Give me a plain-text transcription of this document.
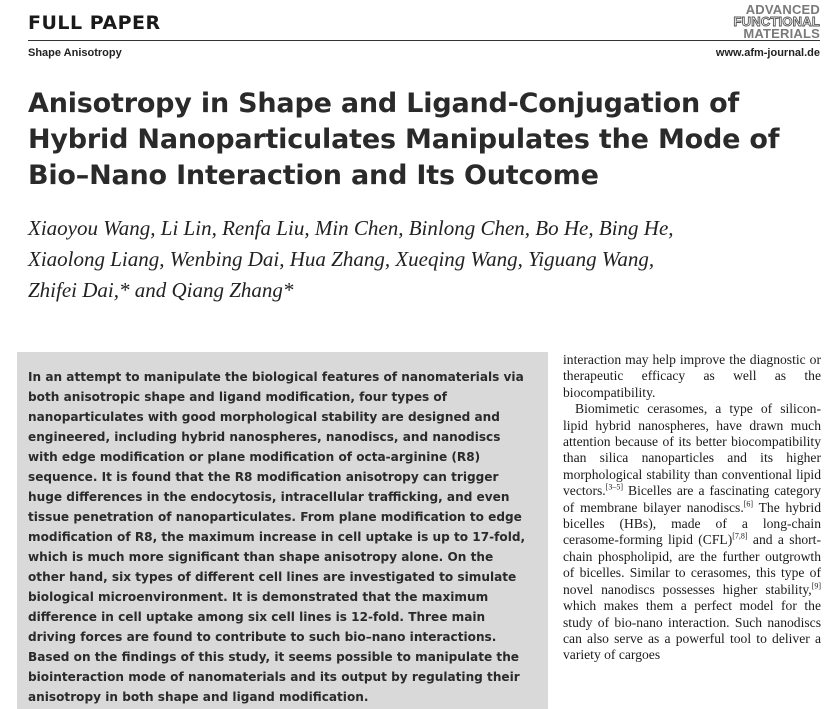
FULL PAPER
ADVANCED
FUNCTIONAL
MATERIALS
Shape Anisotropy	www.afm-journal.de
Anisotropy in Shape and Ligand-Conjugation of Hybrid Nanoparticulates Manipulates the Mode of Bio–Nano Interaction and Its Outcome
Xiaoyou Wang, Li Lin, Renfa Liu, Min Chen, Binlong Chen, Bo He, Bing He,
Xiaolong Liang, Wenbing Dai, Hua Zhang, Xueqing Wang, Yiguang Wang,
Zhifei Dai,* and Qiang Zhang*
In an attempt to manipulate the biological features of nanomaterials via both anisotropic shape and ligand modification, four types of nanoparticulates with good morphological stability are designed and engineered, including hybrid nanospheres, nanodiscs, and nanodiscs with edge modification or plane modification of octa-arginine (R8) sequence. It is found that the R8 modification anisotropy can trigger huge differences in the endocytosis, intracellular trafficking, and even tissue penetration of nanoparticulates. From plane modification to edge modification of R8, the maximum increase in cell uptake is up to 17-fold, which is much more significant than shape anisotropy alone. On the other hand, six types of different cell lines are investigated to simulate biological microenvironment. It is demonstrated that the maximum difference in cell uptake among six cell lines is 12-fold. Three main driving forces are found to contribute to such bio–nano interactions. Based on the findings of this study, it seems possible to manipulate the biointeraction mode of nanomaterials and its output by regulating their anisotropy in both shape and ligand modification.

interaction may help improve the diagnostic or therapeutic efficacy as well as the biocompatibility.

Biomimetic cerasomes, a type of silicon-lipid hybrid nanospheres, have drawn much attention because of its better biocompatibility than silica nanoparticles and its higher morphological stability than conventional lipid vectors.[3–5] Bicelles are a fascinating category of membrane bilayer nanodiscs.[6] The hybrid bicelles (HBs), made of a long-chain cerasome-forming lipid (CFL)[7,8] and a short-chain phospholipid, are the further outgrowth of bicelles. Similar to cerasomes, this type of novel nanodiscs possesses higher stability,[9] which makes them a perfect model for the study of bio-nano interaction. Such nanodiscs can also serve as a powerful tool to deliver a variety of cargoes
